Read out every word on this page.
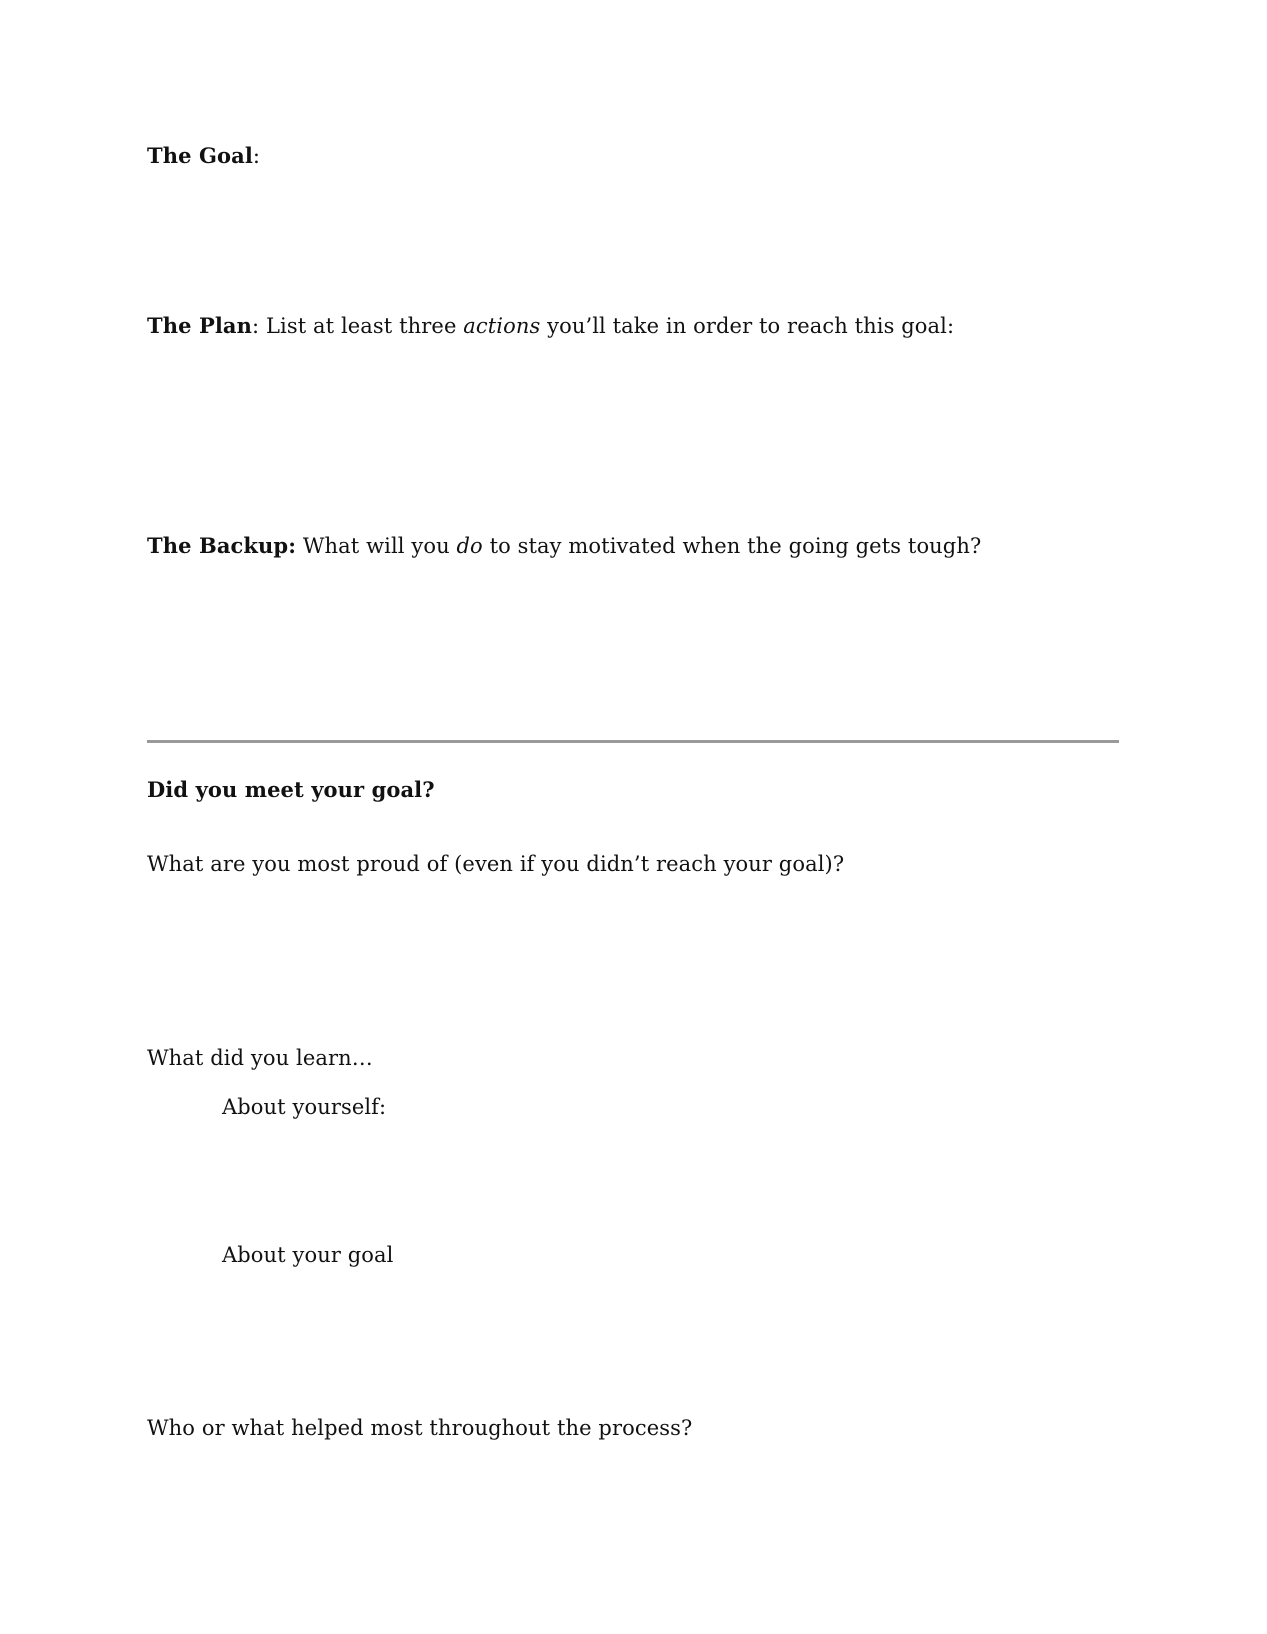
The Goal:
The Plan: List at least three actions you’ll take in order to reach this goal:
The Backup: What will you do to stay motivated when the going gets tough?
Did you meet your goal?
What are you most proud of (even if you didn’t reach your goal)?
What did you learn…
About yourself:
About your goal
Who or what helped most throughout the process?
